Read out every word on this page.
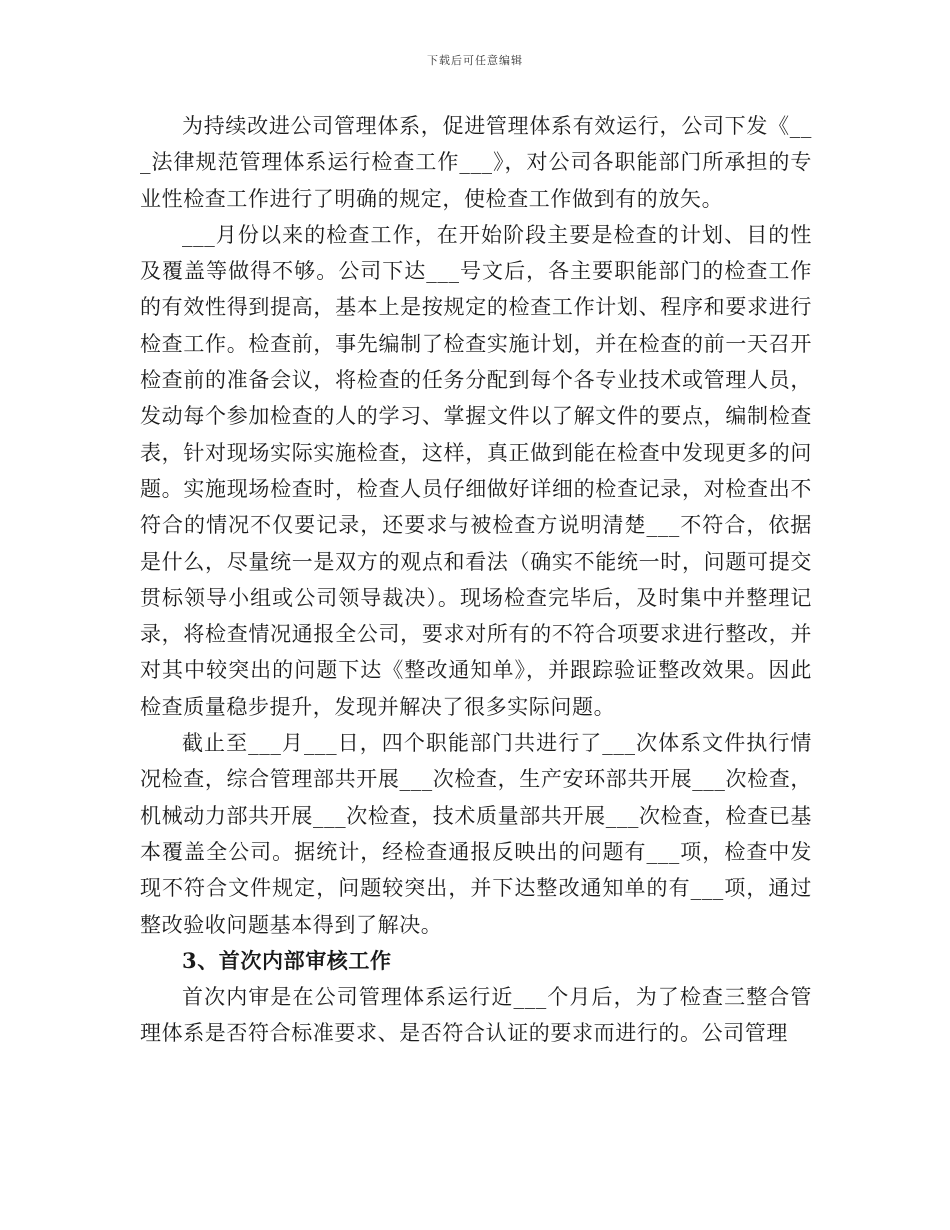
下载后可任意编辑

为持续改进公司管理体系，促进管理体系有效运行，公司下发《___法律规范管理体系运行检查工作___》，对公司各职能部门所承担的专业性检查工作进行了明确的规定，使检查工作做到有的放矢。

___月份以来的检查工作，在开始阶段主要是检查的计划、目的性及覆盖等做得不够。公司下达___号文后，各主要职能部门的检查工作的有效性得到提高，基本上是按规定的检查工作计划、程序和要求进行检查工作。检查前，事先编制了检查实施计划，并在检查的前一天召开检查前的准备会议，将检查的任务分配到每个各专业技术或管理人员，发动每个参加检查的人的学习、掌握文件以了解文件的要点，编制检查表，针对现场实际实施检查，这样，真正做到能在检查中发现更多的问题。实施现场检查时，检查人员仔细做好详细的检查记录，对检查出不符合的情况不仅要记录，还要求与被检查方说明清楚___不符合，依据是什么，尽量统一是双方的观点和看法（确实不能统一时，问题可提交贯标领导小组或公司领导裁决）。现场检查完毕后，及时集中并整理记录，将检查情况通报全公司，要求对所有的不符合项要求进行整改，并对其中较突出的问题下达《整改通知单》，并跟踪验证整改效果。因此检查质量稳步提升，发现并解决了很多实际问题。

截止至___月___日，四个职能部门共进行了___次体系文件执行情况检查，综合管理部共开展___次检查，生产安环部共开展___次检查，机械动力部共开展___次检查，技术质量部共开展___次检查，检查已基本覆盖全公司。据统计，经检查通报反映出的问题有___项，检查中发现不符合文件规定，问题较突出，并下达整改通知单的有___项，通过整改验收问题基本得到了解决。

3、首次内部审核工作

首次内审是在公司管理体系运行近___个月后，为了检查三整合管理体系是否符合标准要求、是否符合认证的要求而进行的。公司管理
